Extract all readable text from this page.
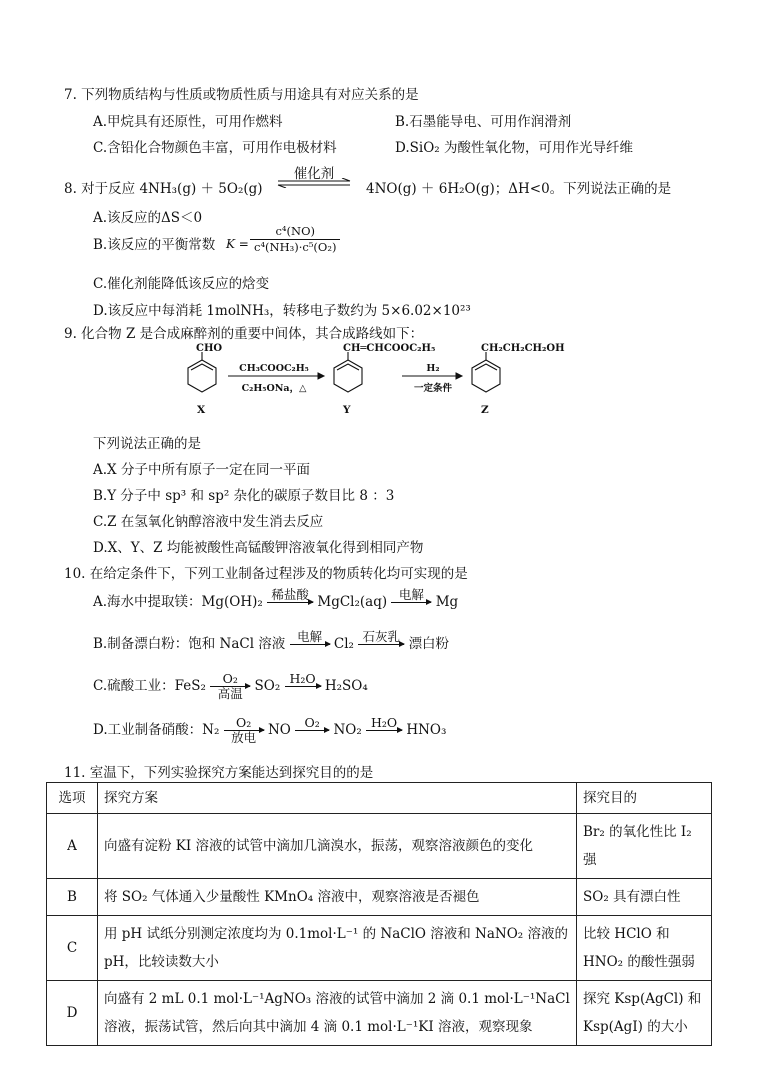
7. 下列物质结构与性质或物质性质与用途具有对应关系的是
A.甲烷具有还原性，可用作燃料	B.石墨能导电、可用作润滑剂
C.含铅化合物颜色丰富，可用作电极材料	D.SiO₂ 为酸性氧化物，可用作光导纤维
8. 对于反应 4NH₃(g) ＋ 5O₂(g)
催化剂
4NO(g) ＋ 6H₂O(g)；ΔH<0。下列说法正确的是
A.该反应的ΔS＜0
B.该反应的平衡常数 $K = \frac{\text{c⁴(NO)}}{\text{c⁴(NH₃)·c⁵(O₂)}}$
C.催化剂能降低该反应的焓变
D.该反应中每消耗 1molNH₃，转移电子数约为 5×6.02×10²³
9. 化合物 Z 是合成麻醉剂的重要中间体，其合成路线如下：
CHO	CH═CHCOOC₂H₅	CH₂CH₂CH₂OH
CH₃COOC₂H₅
C₂H₅ONa，△
H₂
一定条件
X	Y	Z
下列说法正确的是
A.X 分子中所有原子一定在同一平面
B.Y 分子中 sp³ 和 sp² 杂化的碳原子数目比 8 ：3
C.Z 在氢氧化钠醇溶液中发生消去反应
D.X、Y、Z 均能被酸性高锰酸钾溶液氧化得到相同产物
10. 在给定条件下，下列工业制备过程涉及的物质转化均可实现的是
A.海水中提取镁：Mg(OH)₂ 稀盐酸
MgCl₂(aq) 电解
Mg
B.制备漂白粉：饱和 NaCl 溶液 电解
Cl₂ 石灰乳
漂白粉
C.硫酸工业：FeS₂	O₂
高温 SO₂ H₂O
H₂SO₄
D.工业制备硝酸：N₂	O₂
放电 NO	O₂
	NO₂ H₂O
HNO₃
11. 室温下，下列实验探究方案能达到探究目的的是
选项	探究方案	探究目的
A	向盛有淀粉 KI 溶液的试管中滴加几滴溴水，振荡，观察溶液颜色的变化	Br₂ 的氧化性比 I₂ 强
B	将 SO₂ 气体通入少量酸性 KMnO₄ 溶液中，观察溶液是否褪色	SO₂ 具有漂白性
C	用 pH 试纸分别测定浓度均为 0.1mol·L⁻¹ 的 NaClO 溶液和 NaNO₂ 溶液的 pH，比较读数大小	比较 HClO 和 HNO₂ 的酸性强弱
D	向盛有 2 mL 0.1 mol·L⁻¹AgNO₃ 溶液的试管中滴加 2 滴 0.1 mol·L⁻¹NaCl 溶液，振荡试管，然后向其中滴加 4 滴 0.1 mol·L⁻¹KI 溶液，观察现象	探究 Ksp(AgCl) 和 Ksp(AgI) 的大小
